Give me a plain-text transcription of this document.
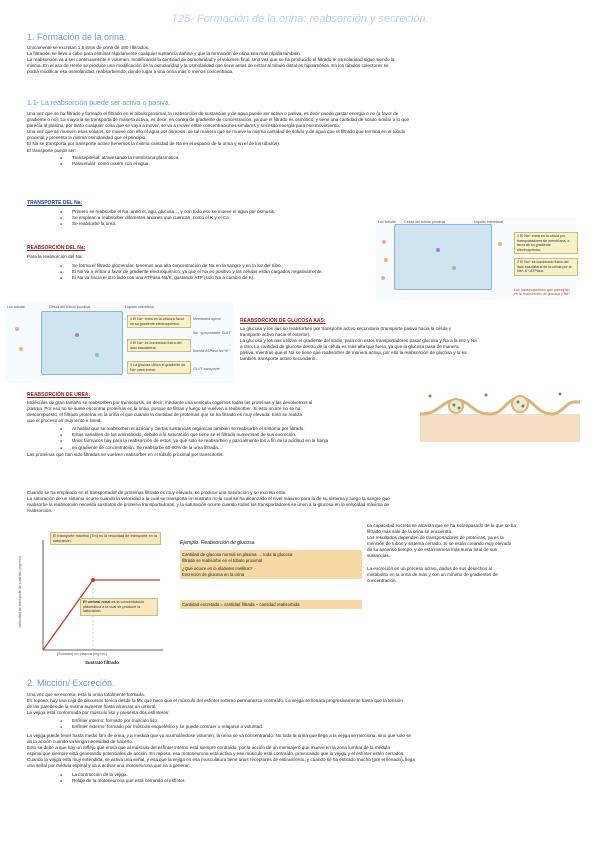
T25- Formación de la orina: reabsorción y secreción.
1. Formación de la orina.
Únicamente se excretan 1.5 litros de orina de 180 l filtrados.
La filtración se lleva a cabo para eliminar rápidamente cualquier sustancia dañina y que la formación de orina sea más rápida también.
La reabsorción va a ser continuamente e volumen, modificando la cantidad de osmolaridad y el volumen final. Una vez que se ha producido el filtrado le osmolaridad sigue siendo la
misma. En el asa de Henle se produce una modificación de la osmolaridad y la osmolaridad que tiene antes de entrar al túbulo distal es hiposmótica. En los túbulos colectores se
podrá modificar esa osmolaridad, reabsorbiendo, donde lugar a una orina más o menos concentrada.
1.1- La reabsorción puede ser activa o pasiva.
Una vez que se ha filtrado y formado el filtrado en el túbulo proximal, la reabsorción de sustancias y de agua puede ser activa o pasiva, es decir puede gastar energía o no (a favor de
gradiente o no). La mayoría se transporta de manera activa, es decir, en contra de gradiente de concentración, ya que el filtrado es osmótico, y tiene una cantidad de soluto similar a lo que
parecía al plasma, por tanto cualquier cosa que se vaya a mover, se va a mover entre concentraciones similares y necesitó energía para ese movimiento.
Una vez que se mueven esos solutos, se mueve con ello el agua por ósmosis, de tal manera que se mueve la misma cantidad de soluto y de agua que el filtrado que termina en el túbulo
proximal y presenta la misma osmolaridad que el principio.
El Na se transporta por transporte activo (tenemos la misma cantidad de Na en el espacio de la orina y en el de los túbulos).
El transporte puede ser:
● Transepitelial: atravesando la membrana plasmática.
● Paracelular: como ocurre con el agua.
TRANSPORTE DEL Na:
● Primero se reabsorbe el Na. anticrel, agu. glucosa..., y con todo eso se mueve el agua por osmosis.
● Se emplean a reabsorber diferentes aniones que cuencan, como el K y el Ca.
● Se reabsorbe la urea.
REABSORCIÓN DEL Na:
Para la reabsorción del Na:
● Se forma el filtrado glomerular, tenemos una alta concentración de Na en la sangre y en la luz del túbo.
● El Na va a entrar a favor de gradiente electroquímico, ya que el Na es positivo y las células están cargados negativamente.
● El Na va hacia el otro lado con una ATPasa Na/K, gastando ATP (solo Na a cambio de K).
Luz tubular Célula del túbulo proximal	Líquido intersticial
1 El Na⁺ entra en la célula por transportadores de membrana, a favor de su gradiente electroquímico.
2 El Na⁺ es bombeado fuera del lado basolateral de la célula por la Na⁺-K⁺-ATPasa.
Los transportadores que participan en la reabsorción de glucosa y Na⁺
Luz tubular	Célula del túbulo proximal	Líquido intersticial
1 El Na⁺ entra en la célula a favor de su gradiente electroquímico.
2 El Na⁺ es bombeado fuera del lado basolateral.
3 La glucosa utiliza el gradiente de Na⁺ para entrar.
Membrana apical
Na⁺ symportador SGLT
Bomba ATPasa Na⁺/K⁺
GLUT transporte
REABSORCIÓN DE GLUCOSA AAS:
La glucosa y los aas se reabsorben por transporte activo secundario (transporte pasivo hacia la célula y
transporte activo hacia el exterior).
La glucosa y los aas utilizan el gradiente del sodio, para con estos transportadores pasar glucosa y Na a la vez y Na
a otro. La cantidad de glucosa dentro de la célula es más alta que fuera, ya que la glucosa pasa de manera
pasiva, mientras que el Na se tiene que reabsorber de manera activa, por ello la reabsorción de glucosa y la es
también transporte activo secundario.
REABSORCIÓN DE UREA:
Moléculas de gran tamaño se reabsorben por transcitosis, es decir, mediante una vesícula cogemos todas las proteínas y las devolvemos al
plasma. Por eso no se suele encontrar proteínas en la orina, porque se filtran y luego se vuelven a reabsorber. Si esto ocurre no se ha
descompuesto, el filtrado proteína en la orina el que cuando la cantidad de proteínas que se ha filtrado es muy elevada. Esto se realiza
que el proceso es muy lento e lineal.
● Al hablar que se reabsorben el azúcar y ciertas sustancias orgánicas también se reabsorbe el síntoma por filtrado.
● Estas variables de los aminoácido, debido a la saturación que tiene se el filtrado numerosas de sus excreción.
● Unos fármacos hay para la reabsorción de estos, ya que solo se reabsorben y parcialmente los a fin de la aciditud en la franja
● en gradiente de concentración. Se reabsorbe 60-80% de la urea filtrada.
Las proteínas que han sido filtradas se vuelven reabsorber en el túbulo proximal por transcitosis.
Cuando se ha empleado en el transportador de proteínas filtrado es muy elevado, se produce una saturación y se excreta ente.
La saturación de un sistema ocurre cuando la velocidad a la cual se transporta un sustrato no la cual se ha alcanzado el nivel máximo para la de su sistema y luego la sangre que
reabsorbe la reabsorción necesita sustratos de proteína transportadoras, y la saturación ocurre cuando todos los transportadores se unen a la glucosa en la velocidad máxima de
reabsorción.
El transporte máximo (Tm) es la velocidad de transporte en la saturación.
El umbral renal es la concentración plasmática a la cual se produce la saturación.
Velocidad de transporte de sustrato (mg/min)
[Sustrato] en plasma (mg/mL)
Sustrato filtrado
Ejemplo. Reabsorción de glucosa
Cantidad de glucosa normal en plasma → toda la glucosa
filtrada se reabsorbe en el túbulo proximal
¿Qué ocurre en la diabetes mellitus?
Excreción de glucosa en la orina
Cantidad excretada = cantidad filtrada − cantidad reabsorbida
La capacidad excreta se alcanza que se ha sobrepasado de la que se ha
filtrado más sale de la orina se encuentra.
Los resultados dependen de transportadores de proteínas, ya es la
mención de tubos y sistema cerrado. Si se están creando muy elevado
de su ascenso tiempo, y de esta manera más suma total de sus
sustancias.
La excreción es un proceso activo, dados de sus desechos al
metabolito en la orina de más y con un mínimo de gradientes de
concentración.
2. Micción/ Excreción.
Una vez que se excreta, está la orina totalmente formada.
Es reposo, hay una caja de discursos tónica desde la Mx que hace que el músculo del esfínter externo permanezca contraído. La vejiga se llenará progresivamente hasta que la tensión
de las paredes de la misma aumente hasta alcanzar un umbral.
La vejiga está conformada por músculo liso y presenta dos esfínteres:
● Esfínter interno: formado por músculo liso.
● Esfínter externo: formado por músculo esquelético y se puede contraer o relajarse a voluntad.
La vejiga puede tener hasta medio litro de orina, y a medida que va acumulándose volumen, la orina se va concentrando. No toda la orina que llega a la vejiga se micciona, sino que solo se
da la acción cuando va tenga necesidad de hacerlo.
Esto se debe a que hay un reflejo que envía que al músculo del esfínter interno está siempre contraído, por la acción de un mensajero que mueve en la zona lumbar de la médula
espinal que siempre está generando potenciales de acción. En reposo, esa motoneurona está activa y ese músculo está contraído, provocando que la vejiga y el esfínter estén cerrados.
Cuando la vejiga está muy extendida, se activa una señal, y esa que la vejiga en esa musculatura tiene unos receptores de estiramiento, y cuando se ha estirado mucho (por el llenado), llega
una señal por médula espinal y va a activar una motoneurona que va a generar:
● La contracción de la vejiga.
● Relaje de la motoneurona que está cerrando el esfínter.
